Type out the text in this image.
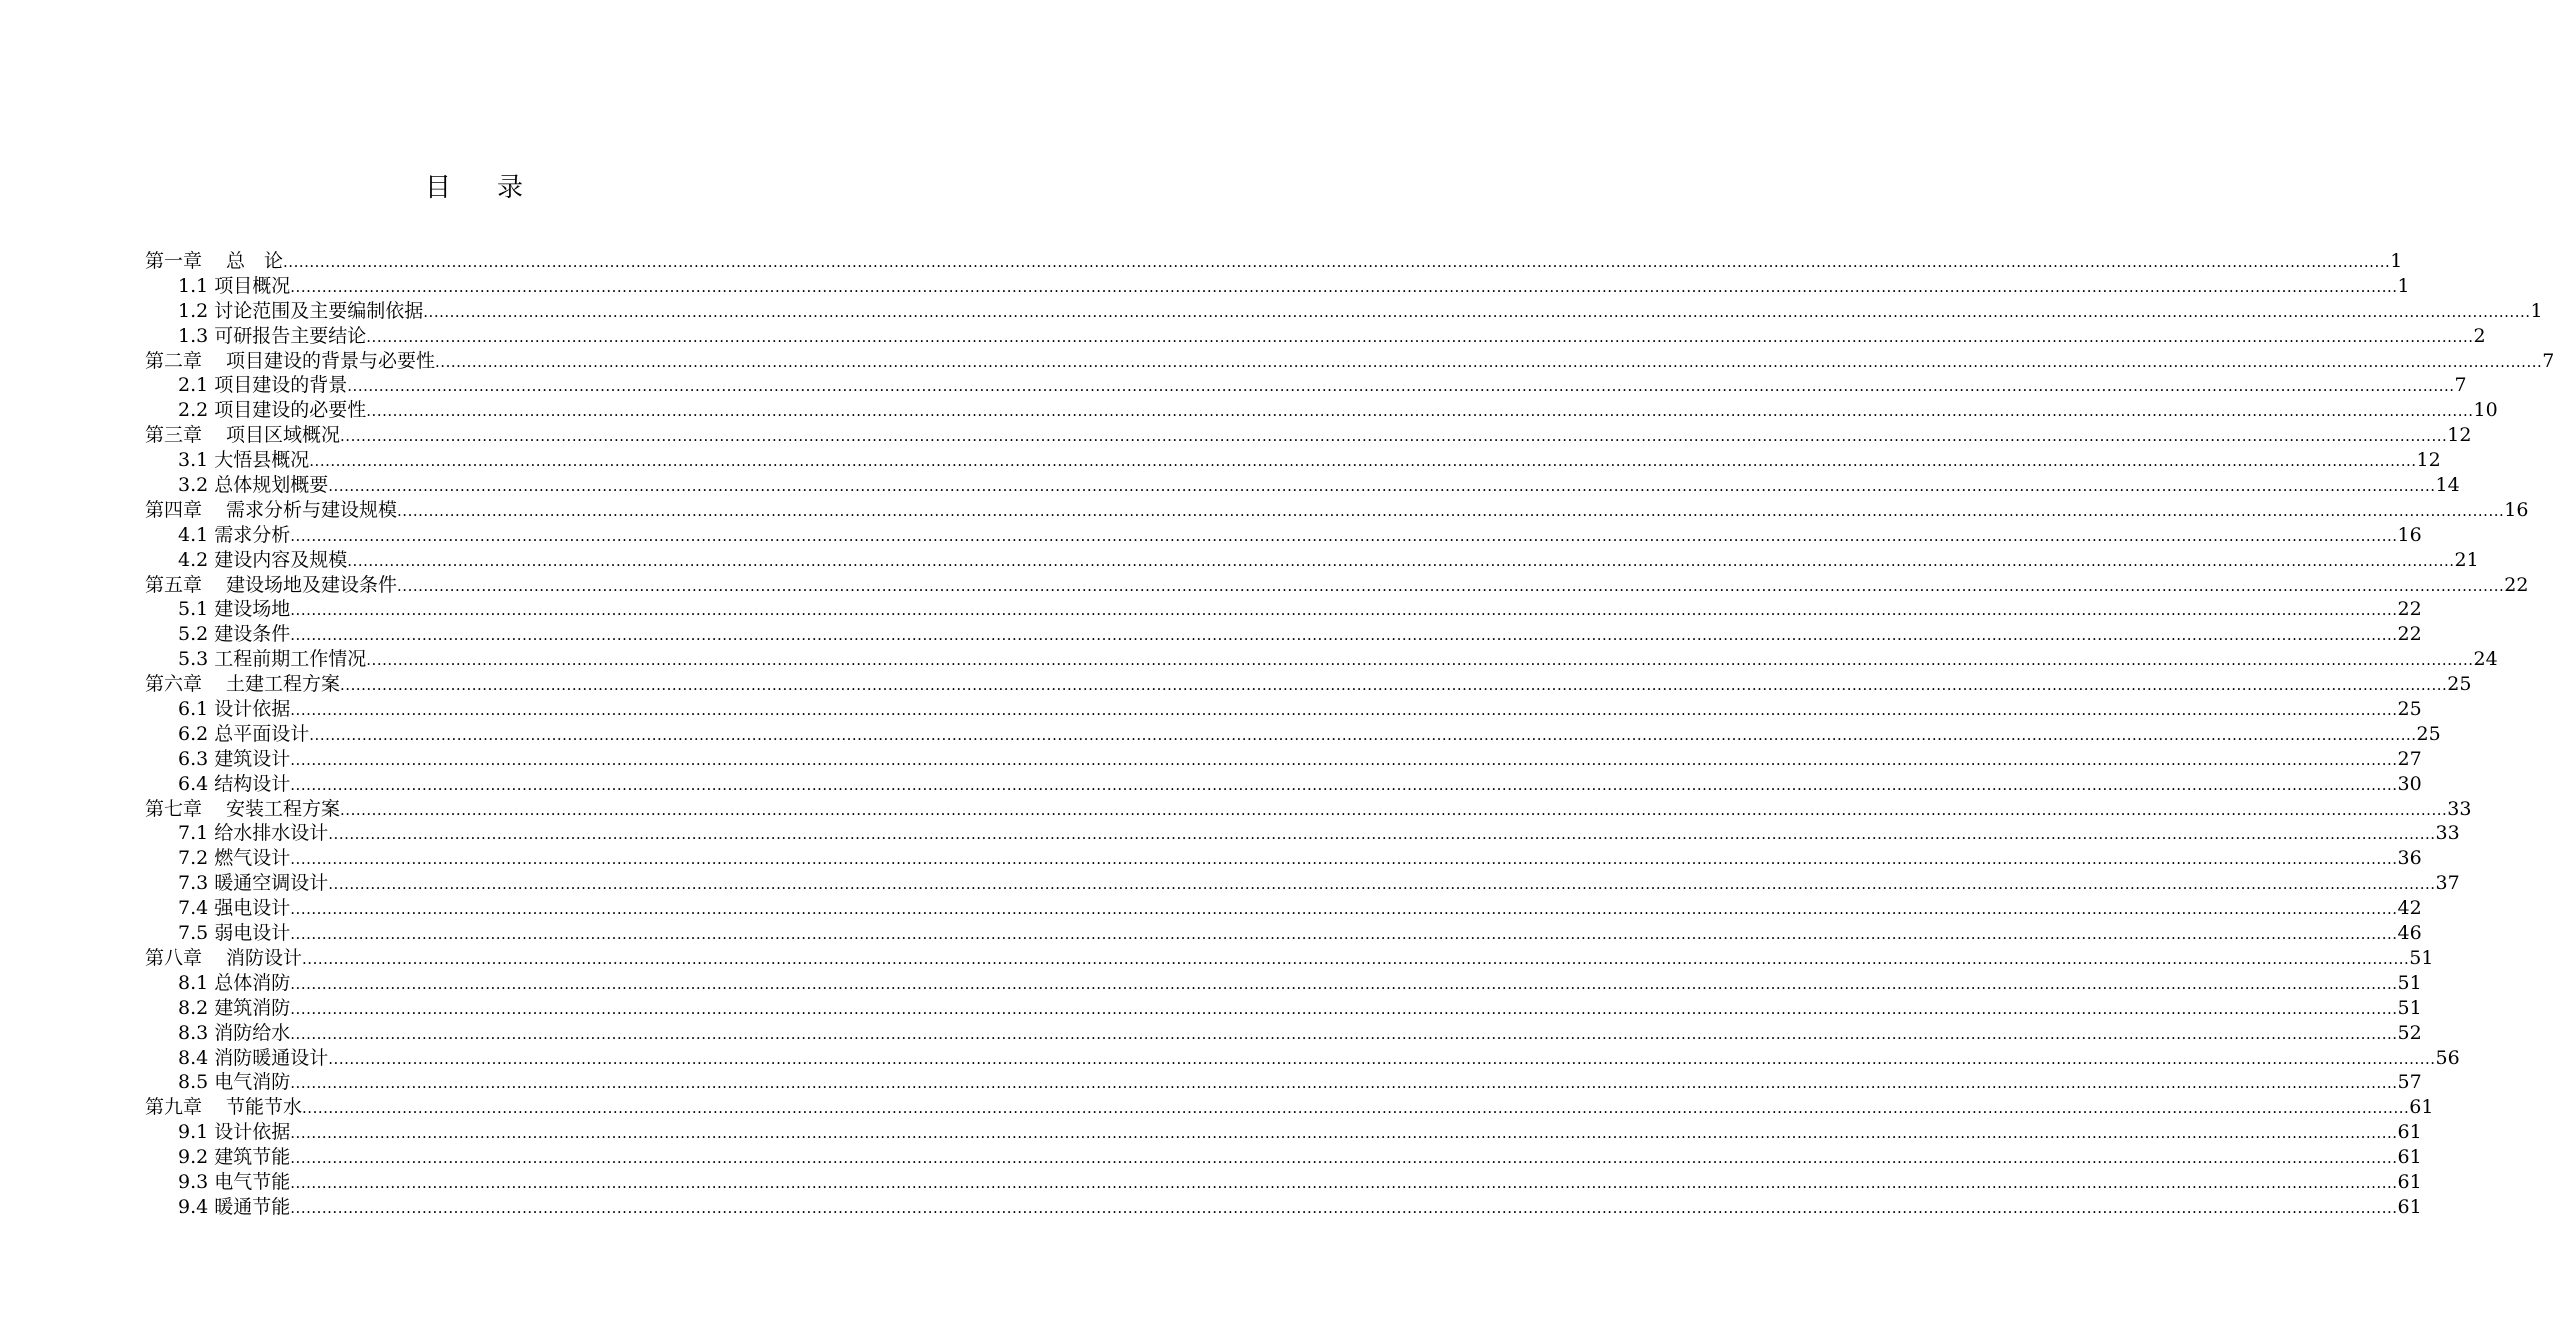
目 录
第一章 总　论 ................................................................................................................................................................................................................................................................................................................................................................................................................ 1
1.1 项目概况 ................................................................................................................................................................................................................................................................................................................................................................................................................ 1
1.2 讨论范围及主要编制依据 ................................................................................................................................................................................................................................................................................................................................................................................................................ 1
1.3 可研报告主要结论 ................................................................................................................................................................................................................................................................................................................................................................................................................ 2
第二章 项目建设的背景与必要性 ................................................................................................................................................................................................................................................................................................................................................................................................................ 7
2.1 项目建设的背景 ................................................................................................................................................................................................................................................................................................................................................................................................................ 7
2.2 项目建设的必要性 ................................................................................................................................................................................................................................................................................................................................................................................................................ 10
第三章 项目区域概况 ................................................................................................................................................................................................................................................................................................................................................................................................................ 12
3.1 大悟县概况 ................................................................................................................................................................................................................................................................................................................................................................................................................ 12
3.2 总体规划概要 ................................................................................................................................................................................................................................................................................................................................................................................................................ 14
第四章 需求分析与建设规模 ................................................................................................................................................................................................................................................................................................................................................................................................................ 16
4.1 需求分析 ................................................................................................................................................................................................................................................................................................................................................................................................................ 16
4.2 建设内容及规模 ................................................................................................................................................................................................................................................................................................................................................................................................................ 21
第五章 建设场地及建设条件 ................................................................................................................................................................................................................................................................................................................................................................................................................ 22
5.1 建设场地 ................................................................................................................................................................................................................................................................................................................................................................................................................ 22
5.2 建设条件 ................................................................................................................................................................................................................................................................................................................................................................................................................ 22
5.3 工程前期工作情况 ................................................................................................................................................................................................................................................................................................................................................................................................................ 24
第六章 土建工程方案 ................................................................................................................................................................................................................................................................................................................................................................................................................ 25
6.1 设计依据 ................................................................................................................................................................................................................................................................................................................................................................................................................ 25
6.2 总平面设计 ................................................................................................................................................................................................................................................................................................................................................................................................................ 25
6.3 建筑设计 ................................................................................................................................................................................................................................................................................................................................................................................................................ 27
6.4 结构设计 ................................................................................................................................................................................................................................................................................................................................................................................................................ 30
第七章 安装工程方案 ................................................................................................................................................................................................................................................................................................................................................................................................................ 33
7.1 给水排水设计 ................................................................................................................................................................................................................................................................................................................................................................................................................ 33
7.2 燃气设计 ................................................................................................................................................................................................................................................................................................................................................................................................................ 36
7.3 暖通空调设计 ................................................................................................................................................................................................................................................................................................................................................................................................................ 37
7.4 强电设计 ................................................................................................................................................................................................................................................................................................................................................................................................................ 42
7.5 弱电设计 ................................................................................................................................................................................................................................................................................................................................................................................................................ 46
第八章 消防设计 ................................................................................................................................................................................................................................................................................................................................................................................................................ 51
8.1 总体消防 ................................................................................................................................................................................................................................................................................................................................................................................................................ 51
8.2 建筑消防 ................................................................................................................................................................................................................................................................................................................................................................................................................ 51
8.3 消防给水 ................................................................................................................................................................................................................................................................................................................................................................................................................ 52
8.4 消防暖通设计 ................................................................................................................................................................................................................................................................................................................................................................................................................ 56
8.5 电气消防 ................................................................................................................................................................................................................................................................................................................................................................................................................ 57
第九章 节能节水 ................................................................................................................................................................................................................................................................................................................................................................................................................ 61
9.1 设计依据 ................................................................................................................................................................................................................................................................................................................................................................................................................ 61
9.2 建筑节能 ................................................................................................................................................................................................................................................................................................................................................................................................................ 61
9.3 电气节能 ................................................................................................................................................................................................................................................................................................................................................................................................................ 61
9.4 暖通节能 ................................................................................................................................................................................................................................................................................................................................................................................................................ 61
